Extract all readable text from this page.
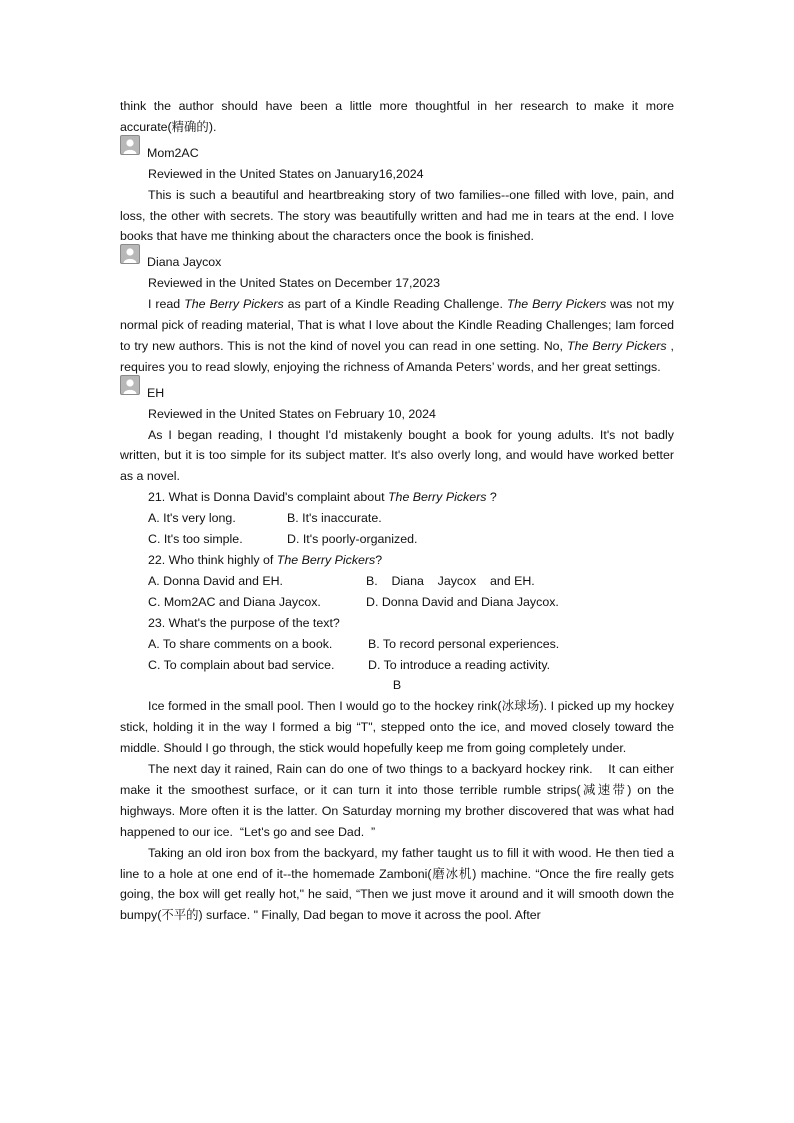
think the author should have been a little more thoughtful in her research to make it more accurate(精确的).

Mom2AC

Reviewed in the United States on January16,2024

This is such a beautiful and heartbreaking story of two families--one filled with love, pain, and loss, the other with secrets. The story was beautifully written and had me in tears at the end. I love books that have me thinking about the characters once the book is finished.

Diana Jaycox

Reviewed in the United States on December 17,2023

I read The Berry Pickers as part of a Kindle Reading Challenge. The Berry Pickers was not my normal pick of reading material, That is what I love about the Kindle Reading Challenges; Iam forced to try new authors. This is not the kind of novel you can read in one setting. No, The Berry Pickers , requires you to read slowly, enjoying the richness of Amanda Peters’ words, and her great settings.

EH

Reviewed in the United States on February 10, 2024

As I began reading, I thought I'd mistakenly bought a book for young adults. It's not badly written, but it is too simple for its subject matter. It's also overly long, and would have worked better as a novel.

21. What is Donna David's complaint about The Berry Pickers ?

A. It's very long.	B. It's inaccurate.
C. It's too simple.	D. It's poorly-organized.

22. Who think highly of The Berry Pickers?

A. Donna David and EH.	B.    Diana    Jaycox    and EH.
C. Mom2AC and Diana Jaycox.	D. Donna David and Diana Jaycox.

23. What's the purpose of the text?

A. To share comments on a book.	B. To record personal experiences.
C. To complain about bad service.	D. To introduce a reading activity.

B

Ice formed in the small pool. Then I would go to the hockey rink(冰球场). I picked up my hockey stick, holding it in the way I formed a big “T", stepped onto the ice, and moved closely toward the middle. Should I go through, the stick would hopefully keep me from going completely under.

The next day it rained, Rain can do one of two things to a backyard hockey rink.    It can either make it the smoothest surface, or it can turn it into those terrible rumble strips(减速带) on the highways. More often it is the latter. On Saturday morning my brother discovered that was what had happened to our ice.  “Let's go and see Dad.  ”

Taking an old iron box from the backyard, my father taught us to fill it with wood. He then tied a line to a hole at one end of it--the homemade Zamboni(磨冰机) machine. “Once the fire really gets going, the box will get really hot," he said, “Then we just move it around and it will smooth down the bumpy(不平的) surface. " Finally, Dad began to move it across the pool. After
